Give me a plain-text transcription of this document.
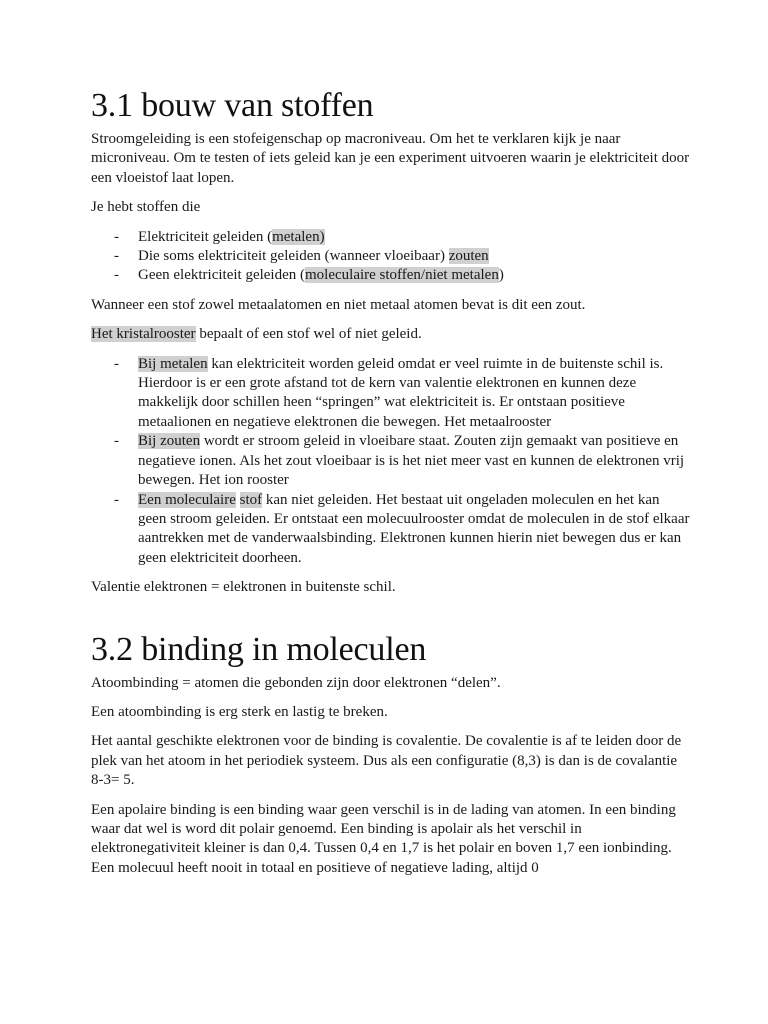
3.1 bouw van stoffen

Stroomgeleiding is een stofeigenschap op macroniveau. Om het te verklaren kijk je naar microniveau. Om te testen of iets geleid kan je een experiment uitvoeren waarin je elektriciteit door een vloeistof laat lopen.

Je hebt stoffen die

- Elektriciteit geleiden (metalen)
- Die soms elektriciteit geleiden (wanneer vloeibaar) zouten
- Geen elektriciteit geleiden (moleculaire stoffen/niet metalen)

Wanneer een stof zowel metaalatomen en niet metaal atomen bevat is dit een zout.

Het kristalrooster bepaalt of een stof wel of niet geleid.

- Bij metalen kan elektriciteit worden geleid omdat er veel ruimte in de buitenste schil is. Hierdoor is er een grote afstand tot de kern van valentie elektronen en kunnen deze makkelijk door schillen heen “springen” wat elektriciteit is. Er ontstaan positieve metaalionen en negatieve elektronen die bewegen. Het metaalrooster
- Bij zouten wordt er stroom geleid in vloeibare staat. Zouten zijn gemaakt van positieve en negatieve ionen. Als het zout vloeibaar is is het niet meer vast en kunnen de elektronen vrij bewegen. Het ion rooster
- Een moleculaire stof kan niet geleiden. Het bestaat uit ongeladen moleculen en het kan geen stroom geleiden. Er ontstaat een molecuulrooster omdat de moleculen in de stof elkaar aantrekken met de vanderwaalsbinding. Elektronen kunnen hierin niet bewegen dus er kan geen elektriciteit doorheen.

Valentie elektronen = elektronen in buitenste schil.

3.2 binding in moleculen

Atoombinding = atomen die gebonden zijn door elektronen “delen”.

Een atoombinding is erg sterk en lastig te breken.

Het aantal geschikte elektronen voor de binding is covalentie. De covalentie is af te leiden door de plek van het atoom in het periodiek systeem. Dus als een configuratie (8,3) is dan is de covalantie 8-3= 5.

Een apolaire binding is een binding waar geen verschil is in de lading van atomen. In een binding waar dat wel is word dit polair genoemd. Een binding is apolair als het verschil in elektronegativiteit kleiner is dan 0,4. Tussen 0,4 en 1,7 is het polair en boven 1,7 een ionbinding. Een molecuul heeft nooit in totaal en positieve of negatieve lading, altijd 0
